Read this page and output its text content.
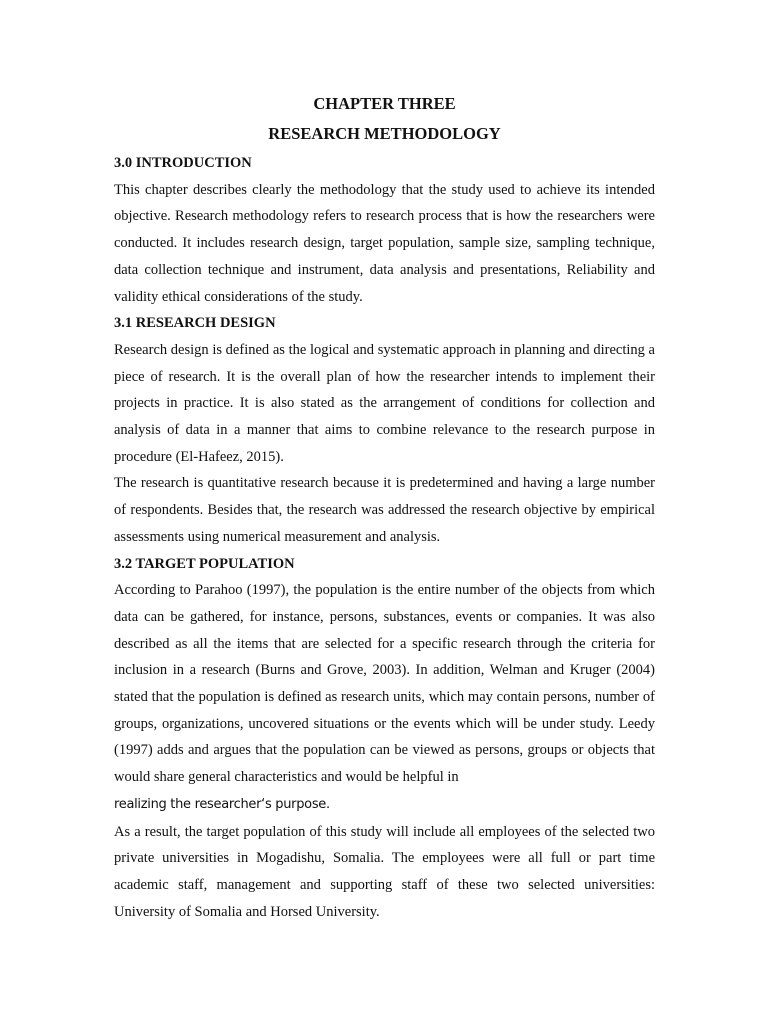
CHAPTER THREE
RESEARCH METHODOLOGY
3.0 INTRODUCTION

This chapter describes clearly the methodology that the study used to achieve its intended objective. Research methodology refers to research process that is how the researchers were conducted. It includes research design, target population, sample size, sampling technique, data collection technique and instrument, data analysis and presentations, Reliability and validity ethical considerations of the study.

3.1 RESEARCH DESIGN

Research design is defined as the logical and systematic approach in planning and directing a piece of research. It is the overall plan of how the researcher intends to implement their projects in practice. It is also stated as the arrangement of conditions for collection and analysis of data in a manner that aims to combine relevance to the research purpose in procedure (El-Hafeez, 2015).

The research is quantitative research because it is predetermined and having a large number of respondents. Besides that, the research was addressed the research objective by empirical assessments using numerical measurement and analysis.

3.2 TARGET POPULATION

According to Parahoo (1997), the population is the entire number of the objects from which data can be gathered, for instance, persons, substances, events or companies. It was also described as all the items that are selected for a specific research through the criteria for inclusion in a research (Burns and Grove, 2003). In addition, Welman and Kruger (2004) stated that the population is defined as research units, which may contain persons, number of groups, organizations, uncovered situations or the events which will be under study. Leedy (1997) adds and argues that the population can be viewed as persons, groups or objects that would share general characteristics and would be helpful in

realizing the researcher‘s purpose.

As a result, the target population of this study will include all employees of the selected two private universities in Mogadishu, Somalia. The employees were all full or part time academic staff, management and supporting staff of these two selected universities: University of Somalia and Horsed University.
